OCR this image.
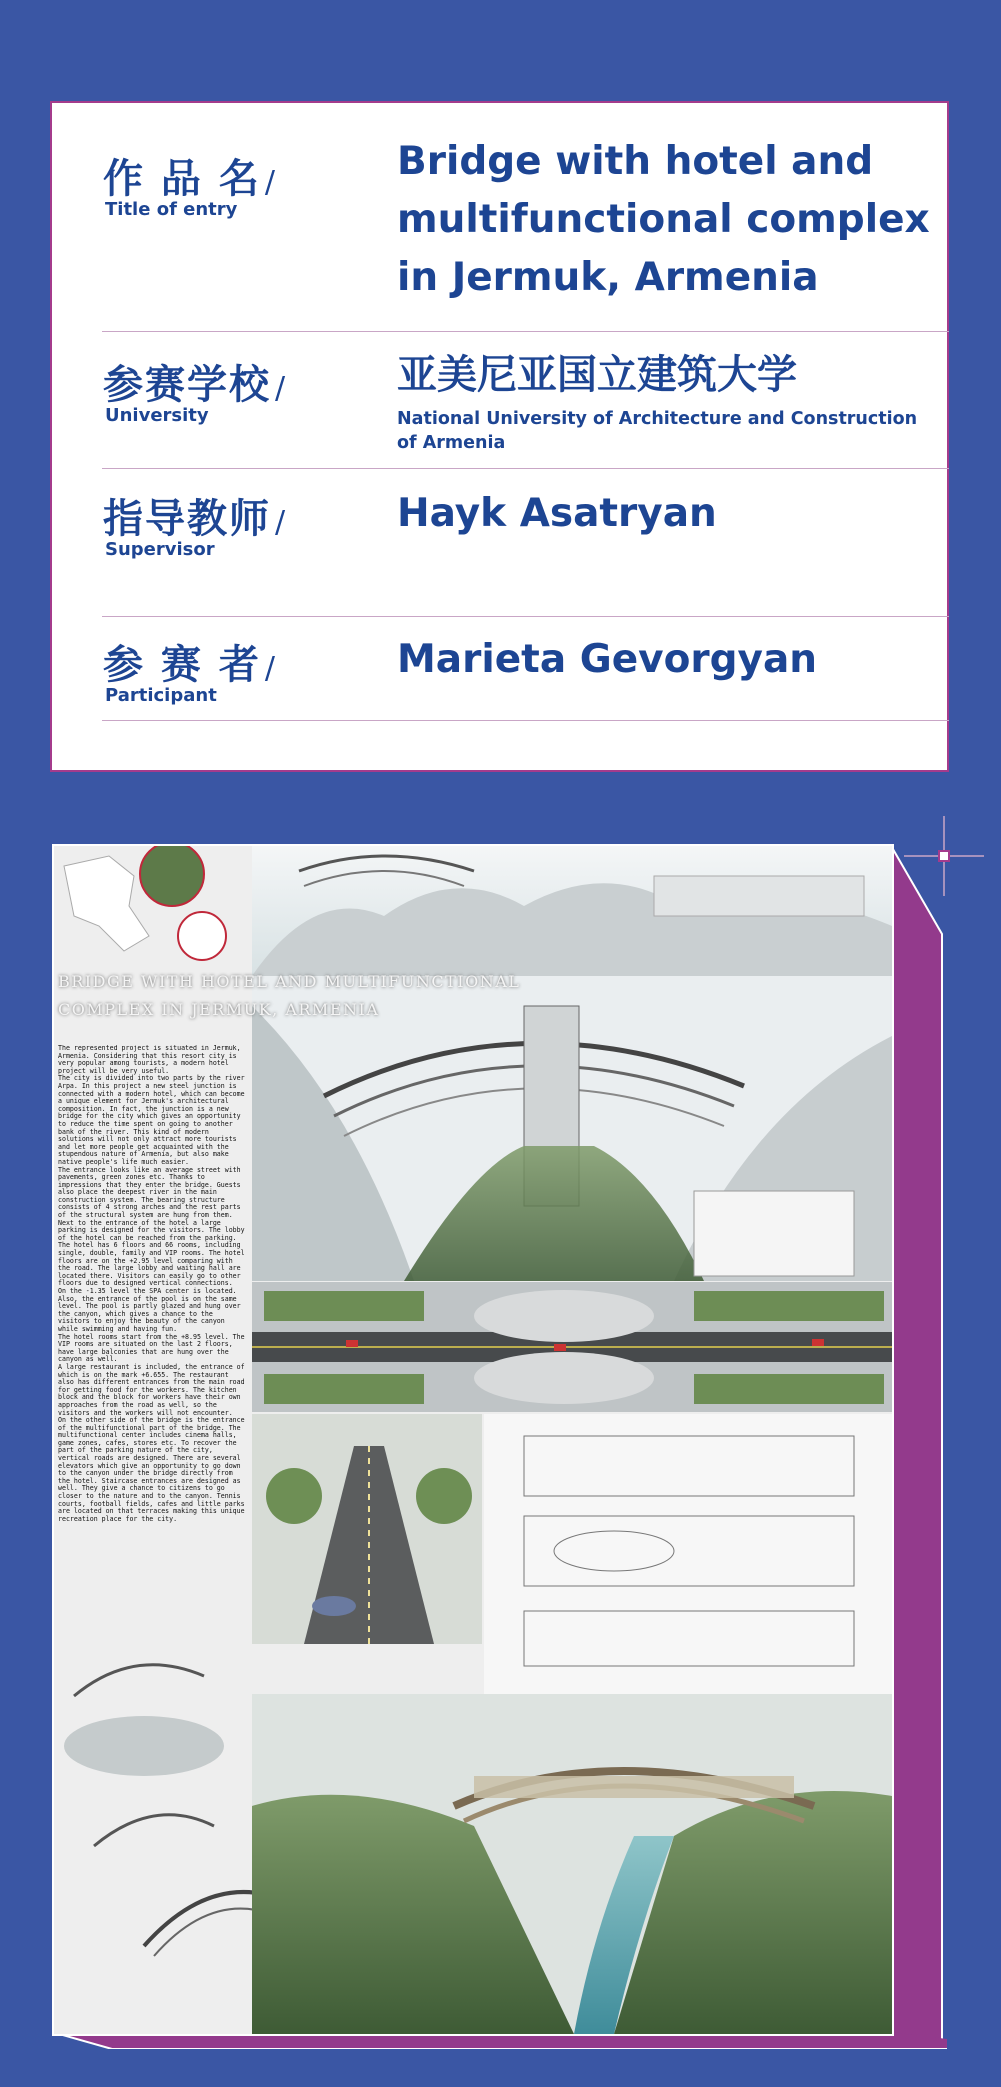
作 品 名 /
Title of entry
Bridge with hotel and
multifunctional complex
in Jermuk, Armenia
参赛学校 /
University
亚美尼亚国立建筑大学
National University of Architecture and Construction
of Armenia
指导教师 /
Supervisor
Hayk Asatryan
参 赛 者 /
Participant
Marieta Gevorgyan
BRIDGE WITH HOTEL AND MULTIFUNCTIONAL
COMPLEX IN JERMUK, ARMENIA
The represented project is situated in Jermuk, Armenia. Considering that this resort city is very popular among tourists, a modern hotel project will be very useful.
The city is divided into two parts by the river Arpa. In this project a new steel junction is connected with a modern hotel, which can become a unique element for Jermuk's architectural composition. In fact, the junction is a new bridge for the city which gives an opportunity to reduce the time spent on going to another bank of the river. This kind of modern solutions will not only attract more tourists and let more people get acquainted with the stupendous nature of Armenia, but also make native people's life much easier.
The entrance looks like an average street with pavements, green zones etc. Thanks to impressions that they enter the bridge. Guests also place the deepest river in the main construction system. The bearing structure consists of 4 strong arches and the rest parts of the structural system are hung from them. Next to the entrance of the hotel a large parking is designed for the visitors. The lobby of the hotel can be reached from the parking.
The hotel has 6 floors and 66 rooms, including single, double, family and VIP rooms. The hotel floors are on the +2.95 level comparing with the road. The large lobby and waiting hall are located there. Visitors can easily go to other floors due to designed vertical connections.
On the -1.35 level the SPA center is located. Also, the entrance of the pool is on the same level. The pool is partly glazed and hung over the canyon, which gives a chance to the visitors to enjoy the beauty of the canyon while swimming and having fun.
The hotel rooms start from the +8.95 level. The VIP rooms are situated on the last 2 floors, have large balconies that are hung over the canyon as well.
A large restaurant is included, the entrance of which is on the mark +6.655. The restaurant also has different entrances from the main road for getting food for the workers. The kitchen block and the block for workers have their own approaches from the road as well, so the visitors and the workers will not encounter.
On the other side of the bridge is the entrance of the multifunctional part of the bridge. The multifunctional center includes cinema halls, game zones, cafes, stores etc. To recover the part of the parking nature of the city, vertical roads are designed. There are several elevators which give an opportunity to go down to the canyon under the bridge directly from the hotel. Staircase entrances are designed as well. They give a chance to citizens to go closer to the nature and to the canyon. Tennis courts, football fields, cafes and little parks are located on that terraces making this unique recreation place for the city.
